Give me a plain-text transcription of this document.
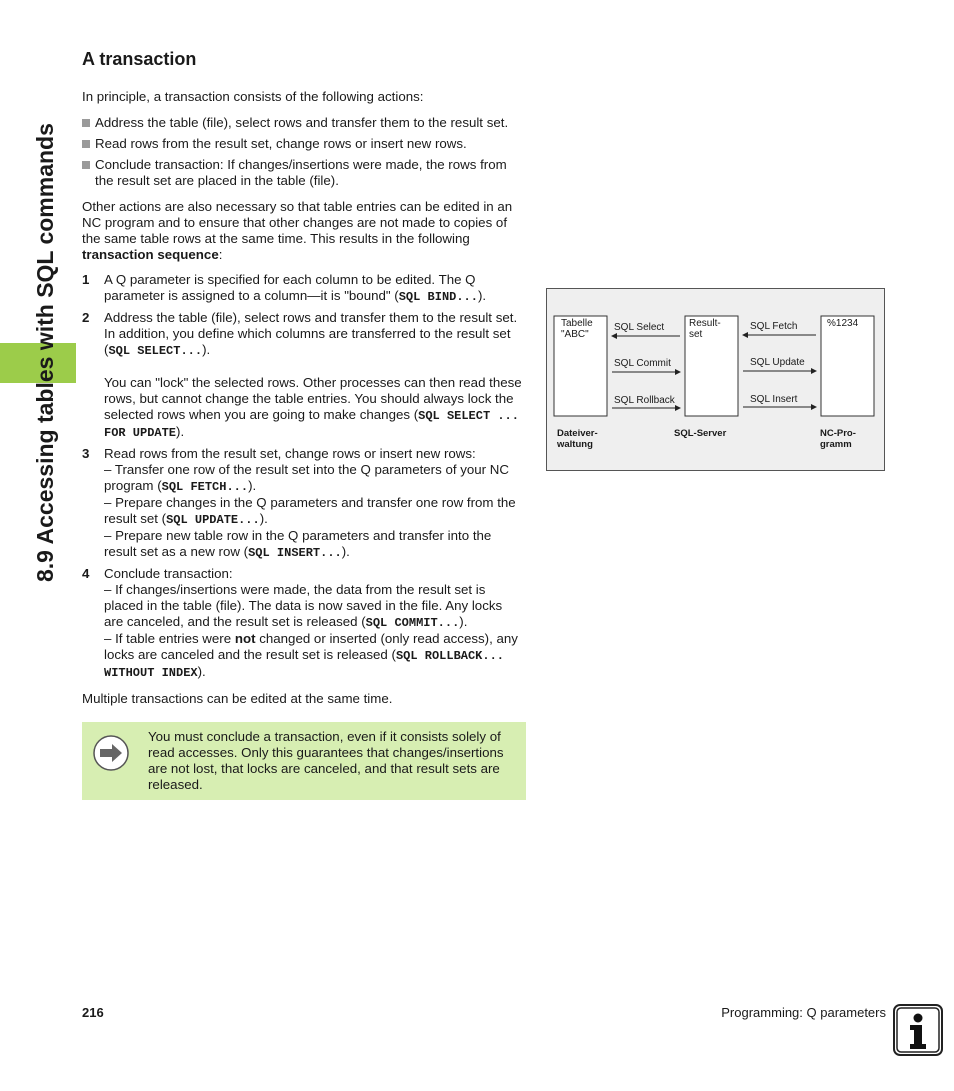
8.9 Accessing tables with SQL commands
A transaction

In principle, a transaction consists of the following actions:

Address the table (file), select rows and transfer them to the result set.
Read rows from the result set, change rows or insert new rows.
Conclude transaction: If changes/insertions were made, the rows from the result set are placed in the table (file).

Other actions are also necessary so that table entries can be edited in an NC program and to ensure that other changes are not made to copies of the same table rows at the same time. This results in the following transaction sequence:

1	A Q parameter is specified for each column to be edited. The Q parameter is assigned to a column—it is "bound" (SQL BIND...).
2	Address the table (file), select rows and transfer them to the result set. In addition, you define which columns are transferred to the result set (SQL SELECT...).

You can "lock" the selected rows. Other processes can then read these rows, but cannot change the table entries. You should always lock the selected rows when you are going to make changes (SQL SELECT ... FOR UPDATE).
3	Read rows from the result set, change rows or insert new rows:
– Transfer one row of the result set into the Q parameters of your NC program (SQL FETCH...).
– Prepare changes in the Q parameters and transfer one row from the result set (SQL UPDATE...).
– Prepare new table row in the Q parameters and transfer into the result set as a new row (SQL INSERT...).
4	Conclude transaction:
– If changes/insertions were made, the data from the result set is placed in the table (file). The data is now saved in the file. Any locks are canceled, and the result set is released (SQL COMMIT...).
– If table entries were not changed or inserted (only read access), any locks are canceled and the result set is released (SQL ROLLBACK... WITHOUT INDEX).

Multiple transactions can be edited at the same time.

You must conclude a transaction, even if it consists solely of read accesses. Only this guarantees that changes/insertions are not lost, that locks are canceled, and that result sets are released.
Tabelle
"ABC"
Result-
set
%1234
SQL Select
SQL Commit
SQL Rollback
SQL Fetch
SQL Update
SQL Insert
Dateiver-
waltung
SQL-Server	NC-Pro-
gramm
216	Programming: Q parameters
